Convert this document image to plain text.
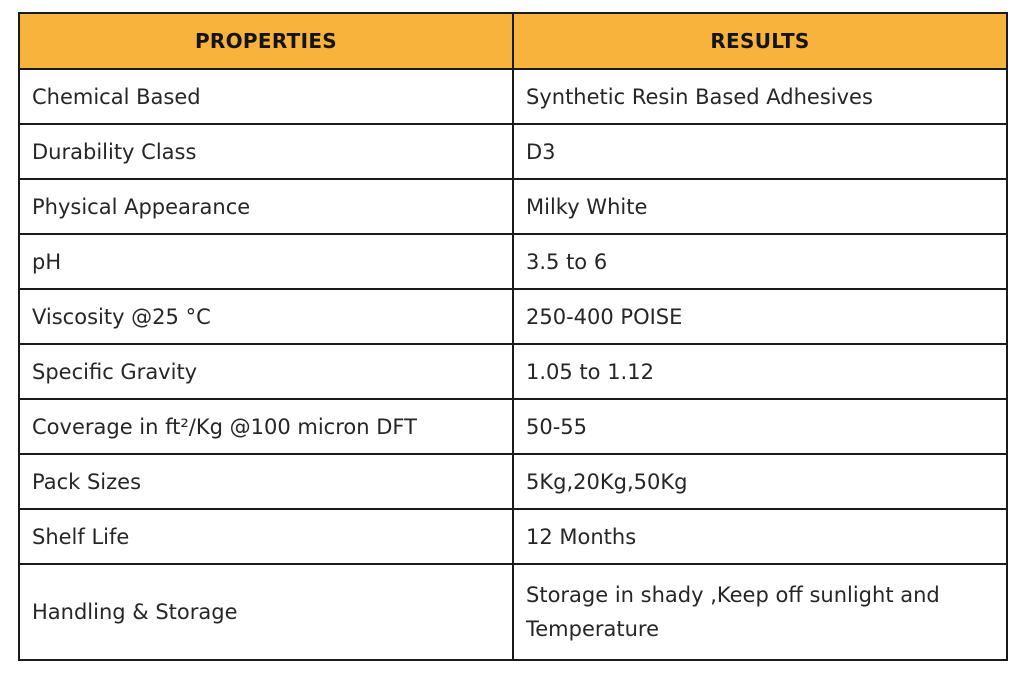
PROPERTIES	RESULTS
Chemical Based	Synthetic Resin Based Adhesives
Durability Class	D3
Physical Appearance	Milky White
pH	3.5 to 6
Viscosity @25 °C	250-400 POISE
Specific Gravity	1.05 to 1.12
Coverage in ft²/Kg @100 micron DFT	50-55
Pack Sizes	5Kg,20Kg,50Kg
Shelf Life	12 Months
Handling & Storage	Storage in shady ,Keep off sunlight and Temperature
